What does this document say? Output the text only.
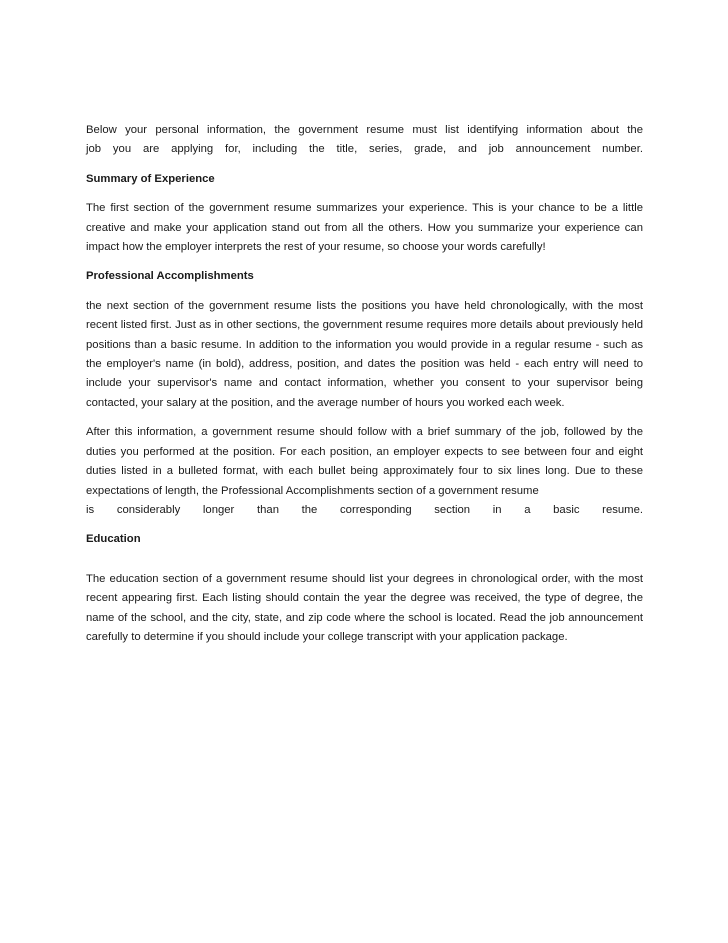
Below your personal information, the government resume must list identifying information about the
job you are applying for, including the title, series, grade, and job announcement number.
Summary of Experience

The first section of the government resume summarizes your experience. This is your chance to be a little creative and make your application stand out from all the others. How you summarize your experience can impact how the employer interprets the rest of your resume, so choose your words carefully!

Professional Accomplishments

the next section of the government resume lists the positions you have held chronologically, with the most recent listed first. Just as in other sections, the government resume requires more details about previously held positions than a basic resume. In addition to the information you would provide in a regular resume - such as the employer's name (in bold), address, position, and dates the position was held - each entry will need to include your supervisor's name and contact information, whether you consent to your supervisor being contacted, your salary at the position, and the average number of hours you worked each week.

After this information, a government resume should follow with a brief summary of the job, followed by the duties you performed at the position. For each position, an employer expects to see between four and eight duties listed in a bulleted format, with each bullet being approximately four to six lines long. Due to these expectations of length, the Professional Accomplishments section of a government resume
is considerably longer than the corresponding section in a basic resume.
Education

The education section of a government resume should list your degrees in chronological order, with the most recent appearing first. Each listing should contain the year the degree was received, the type of degree, the name of the school, and the city, state, and zip code where the school is located. Read the job announcement carefully to determine if you should include your college transcript with your application package.
